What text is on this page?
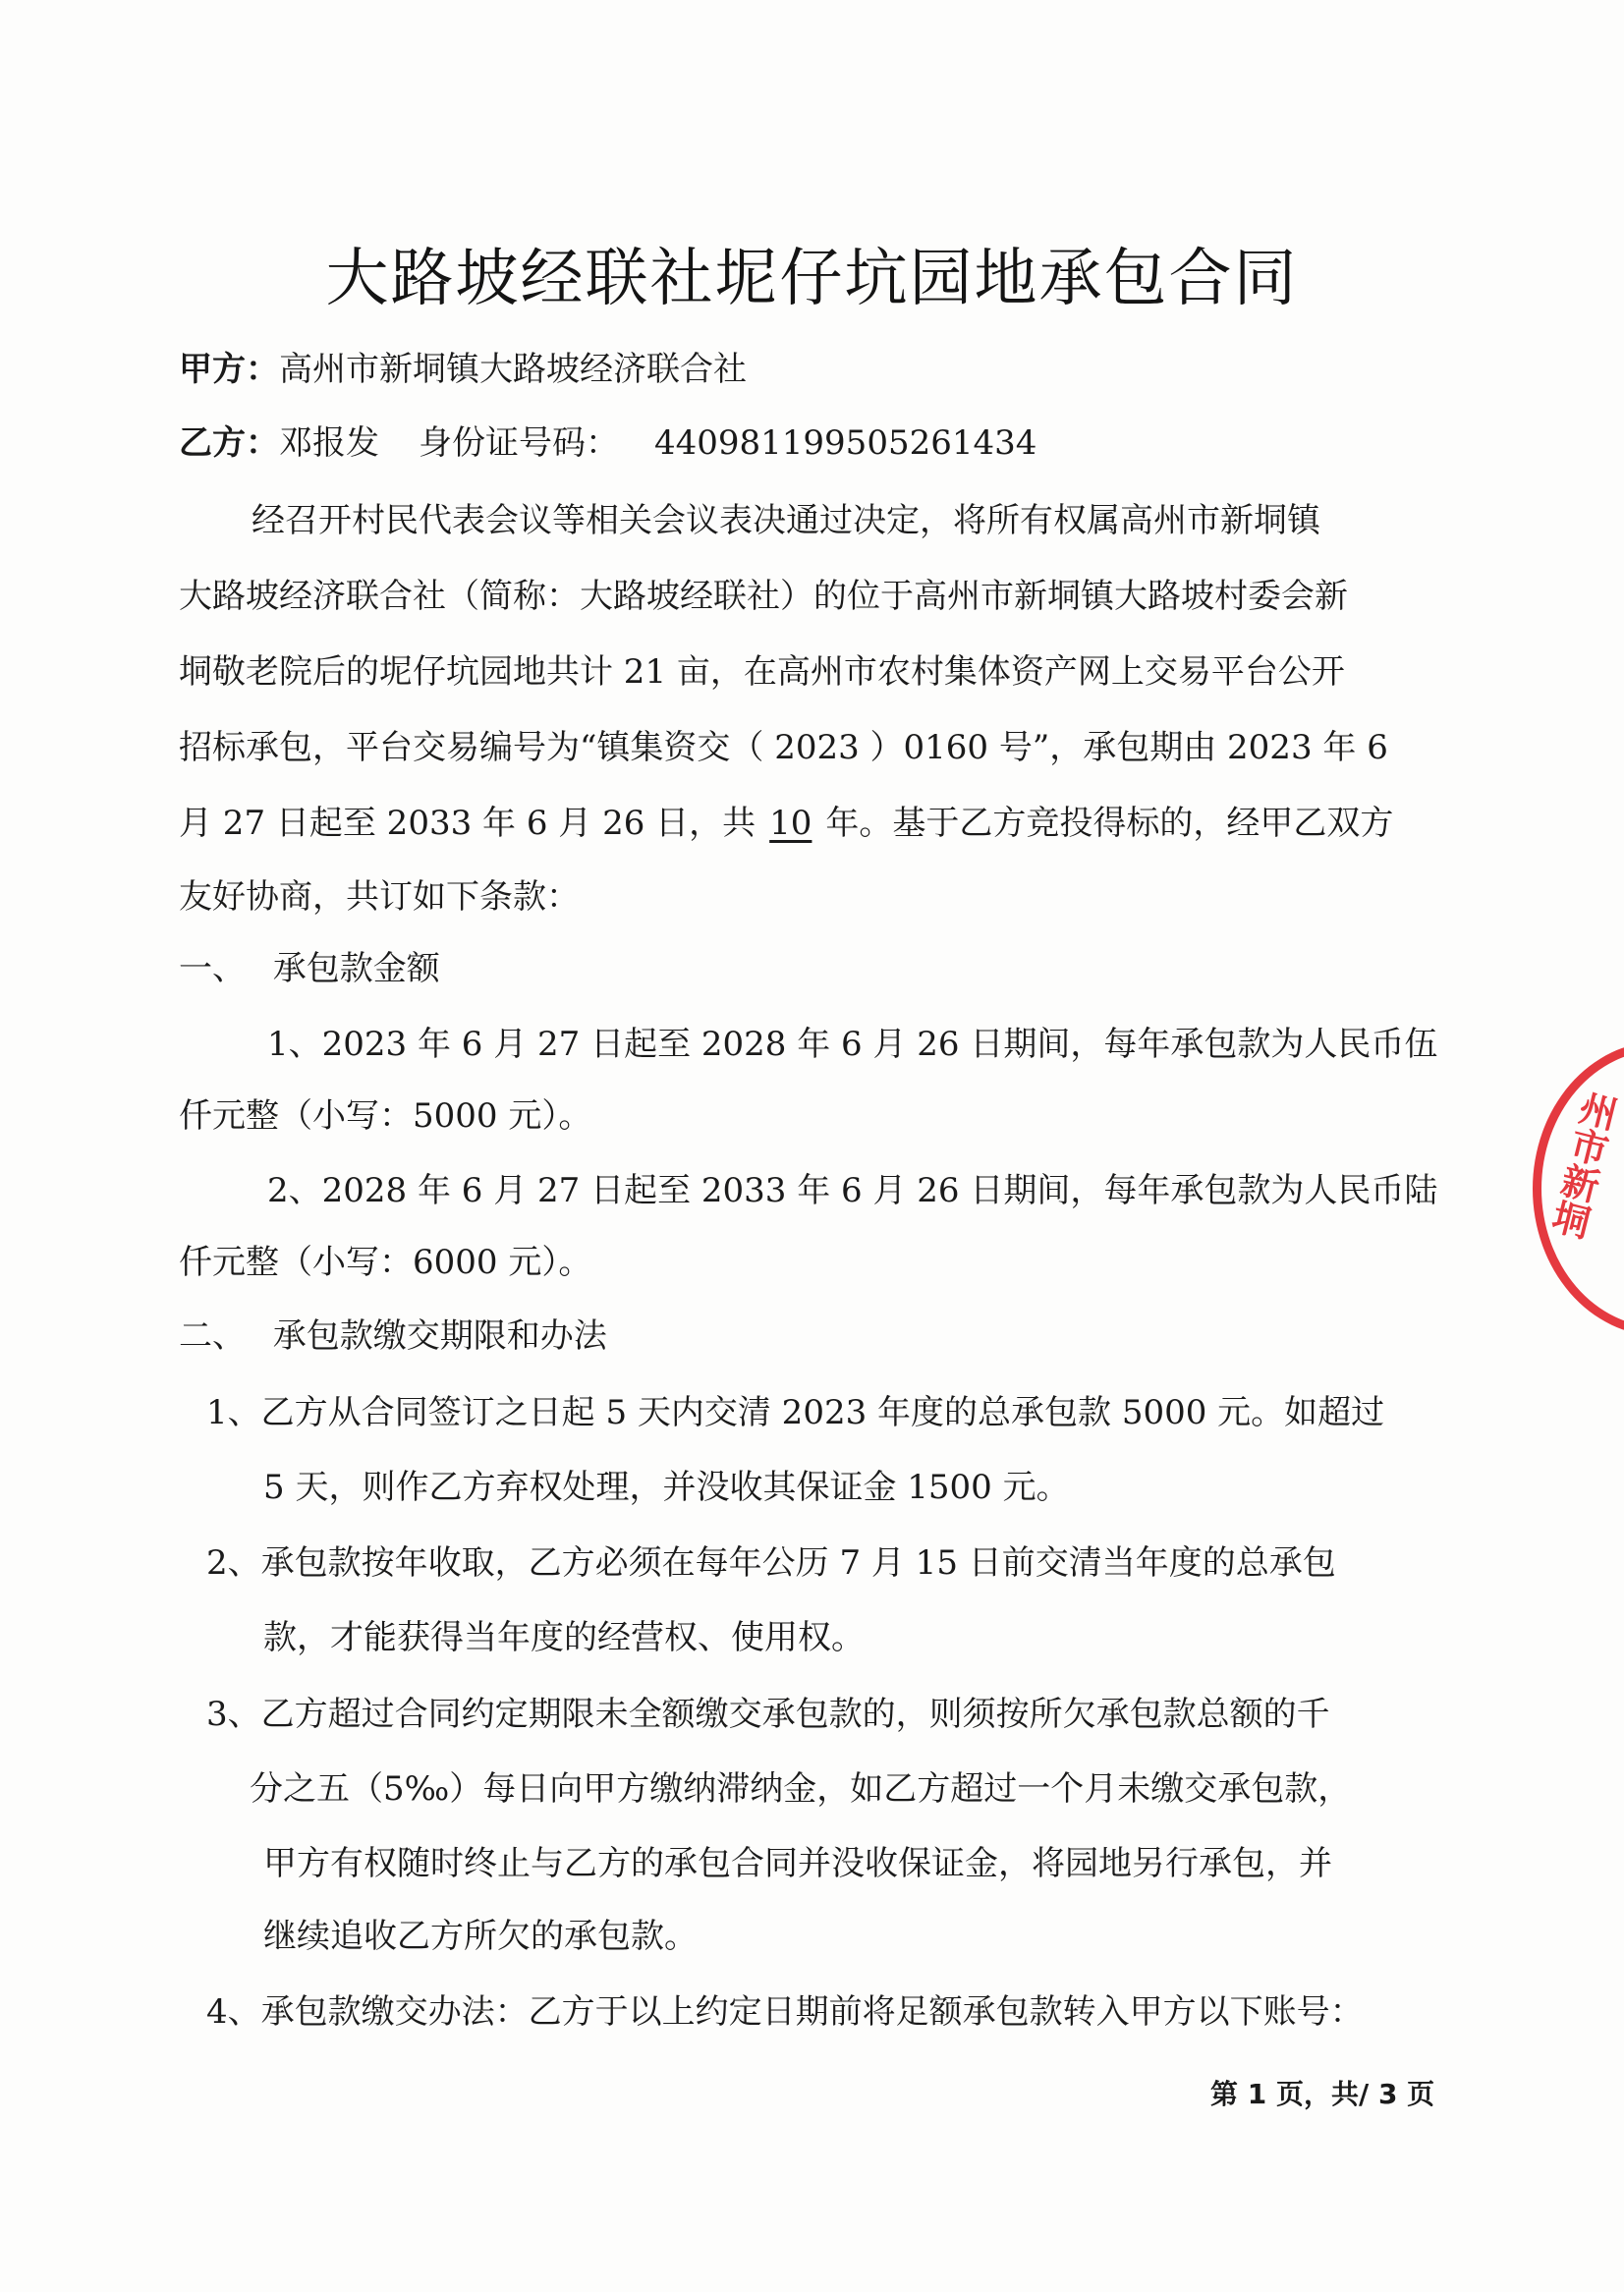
大路坡经联社坭仔坑园地承包合同
甲方：高州市新垌镇大路坡经济联合社
乙方：邓报发 身份证号码： 440981199505261434
经召开村民代表会议等相关会议表决通过决定，将所有权属高州市新垌镇
大路坡经济联合社（简称：大路坡经联社）的位于高州市新垌镇大路坡村委会新
垌敬老院后的坭仔坑园地共计 21 亩，在高州市农村集体资产网上交易平台公开
招标承包，平台交易编号为“镇集资交（ 2023 ）0160 号”，承包期由 2023 年 6
月 27 日起至 2033 年 6 月 26 日，共 10 年。基于乙方竞投得标的，经甲乙双方
友好协商，共订如下条款：
一、　 承包款金额
1、2023 年 6 月 27 日起至 2028 年 6 月 26 日期间，每年承包款为人民币伍
仟元整（小写：5000 元）。
2、2028 年 6 月 27 日起至 2033 年 6 月 26 日期间，每年承包款为人民币陆
仟元整（小写：6000 元）。
二、　 承包款缴交期限和办法
1、乙方从合同签订之日起 5 天内交清 2023 年度的总承包款 5000 元。如超过
5 天，则作乙方弃权处理，并没收其保证金 1500 元。
2、承包款按年收取，乙方必须在每年公历 7 月 15 日前交清当年度的总承包
款，才能获得当年度的经营权、使用权。
3、乙方超过合同约定期限未全额缴交承包款的，则须按所欠承包款总额的千
分之五（5‰）每日向甲方缴纳滞纳金，如乙方超过一个月未缴交承包款，
甲方有权随时终止与乙方的承包合同并没收保证金，将园地另行承包，并
继续追收乙方所欠的承包款。
4、承包款缴交办法：乙方于以上约定日期前将足额承包款转入甲方以下账号：
第 1 页，共/ 3 页
州市新垌
